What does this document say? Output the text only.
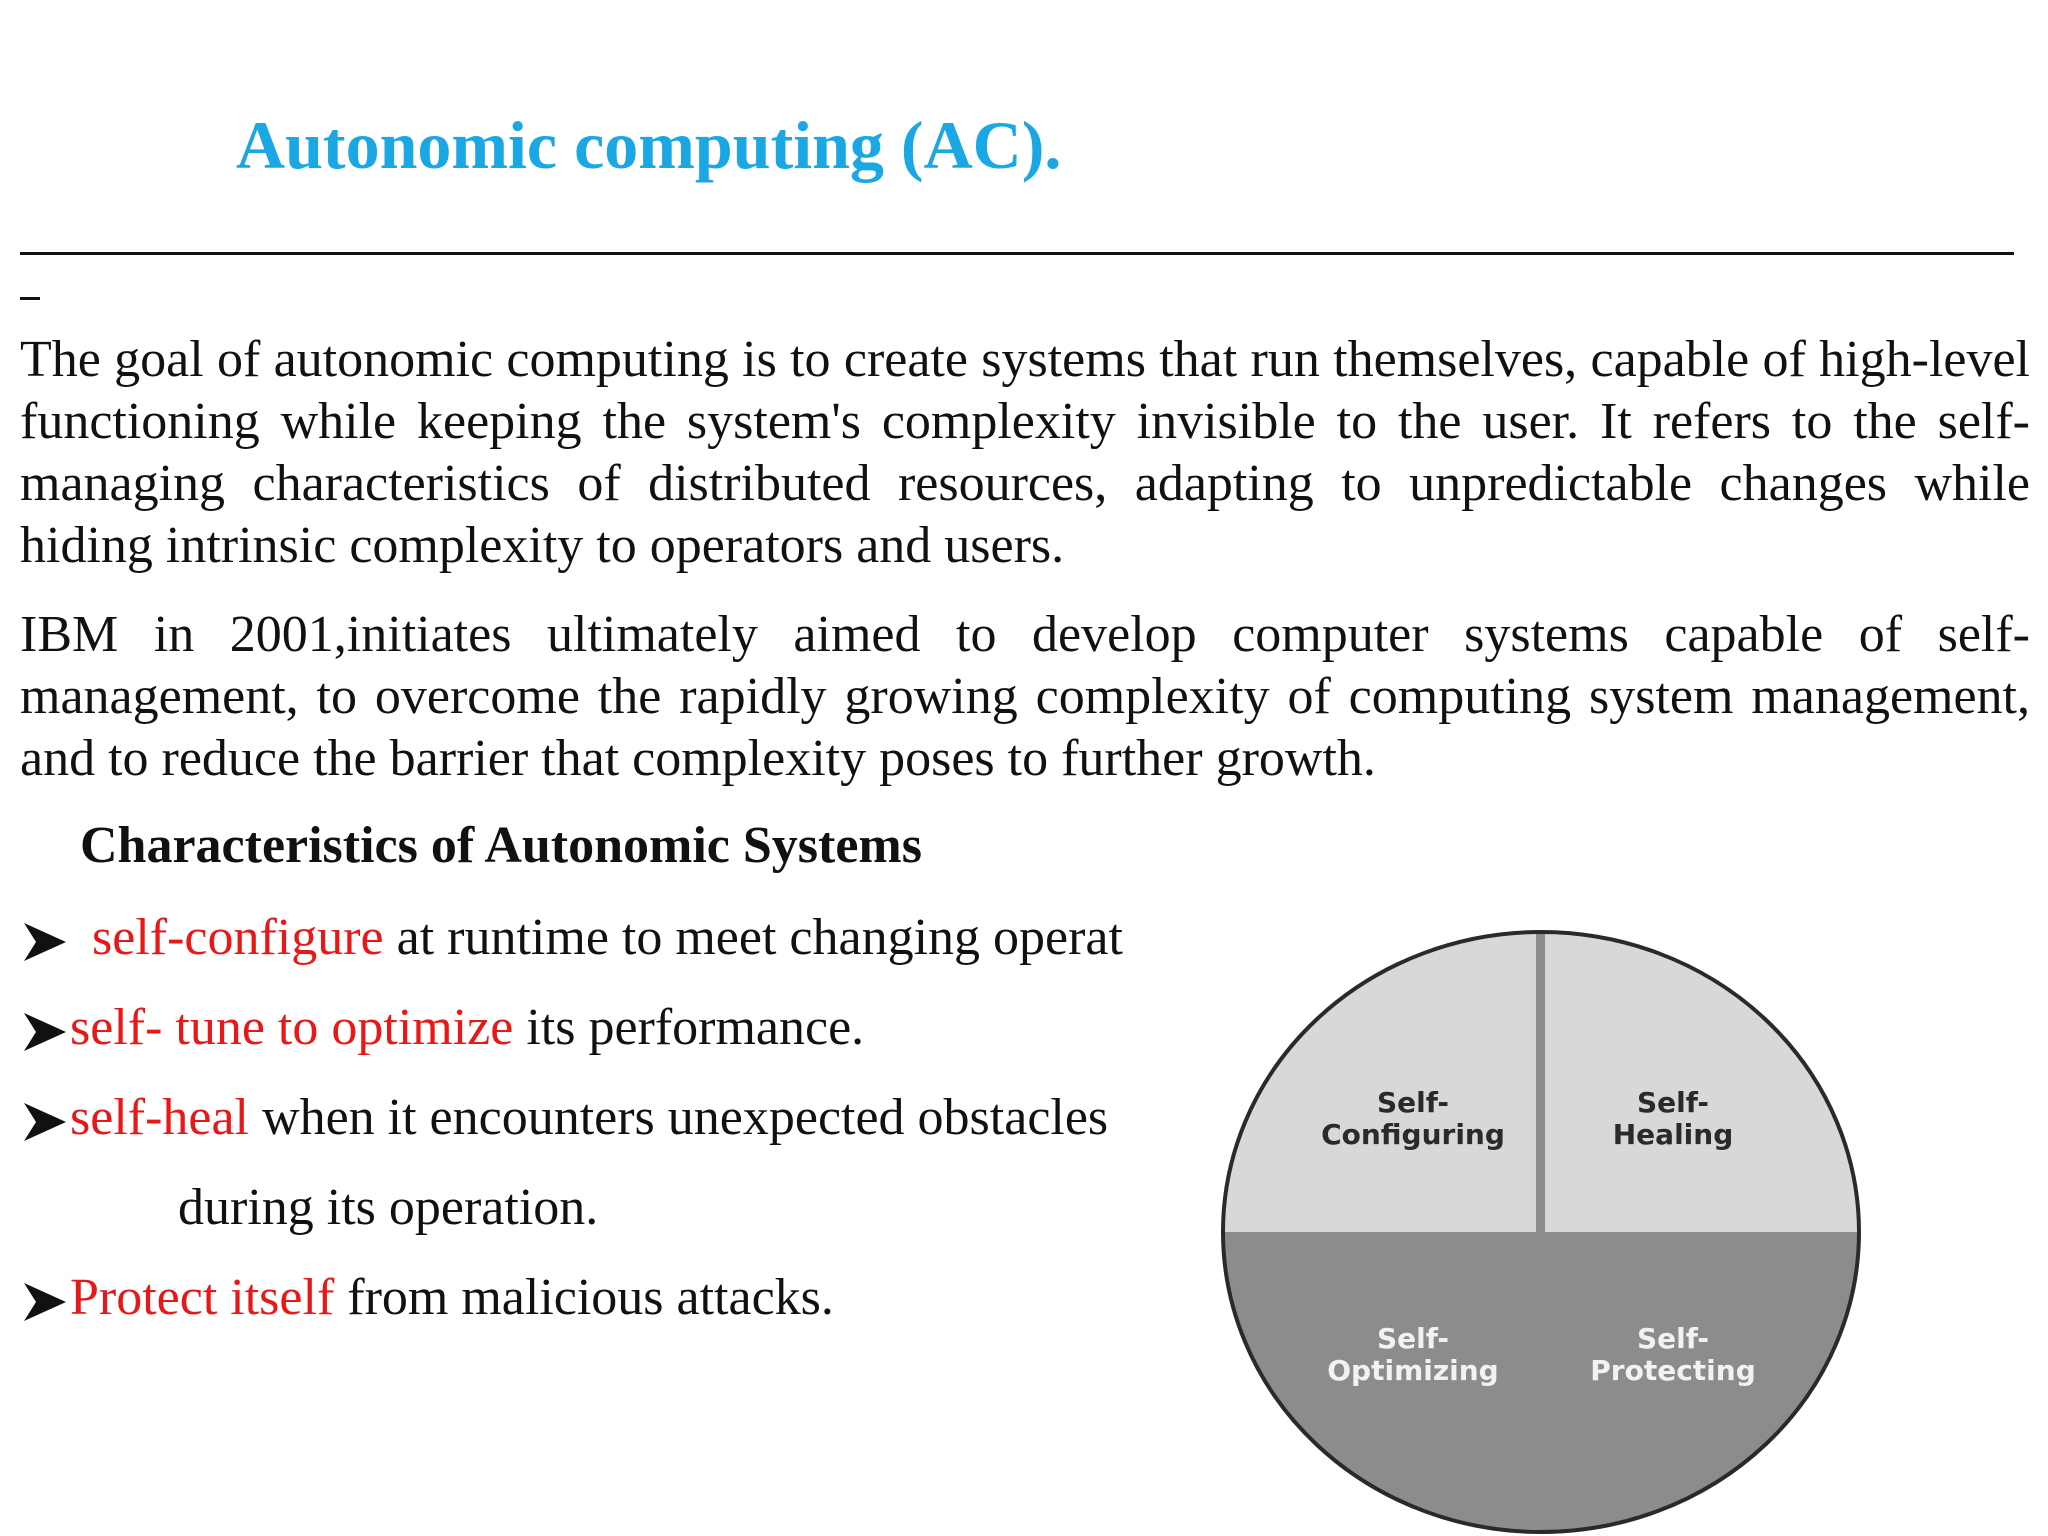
Autonomic computing (AC).

The goal of autonomic computing is to create systems that run themselves, capable of high-level functioning while keeping the system's complexity invisible to the user. It refers to the self-managing characteristics of distributed resources, adapting to unpredictable changes while hiding intrinsic complexity to operators and users.

IBM in 2001,initiates ultimately aimed to develop computer systems capable of self-management, to overcome the rapidly growing complexity of computing system management, and to reduce the barrier that complexity poses to further growth.

Characteristics of Autonomic Systems
self-configure at runtime to meet changing operat
self- tune to optimize its performance.
self-heal when it encounters unexpected obstacles
during its operation.
Protect itself from malicious attacks.
Self-
Configuring
Self-
Healing
Self-
Optimizing
Self-
Protecting
